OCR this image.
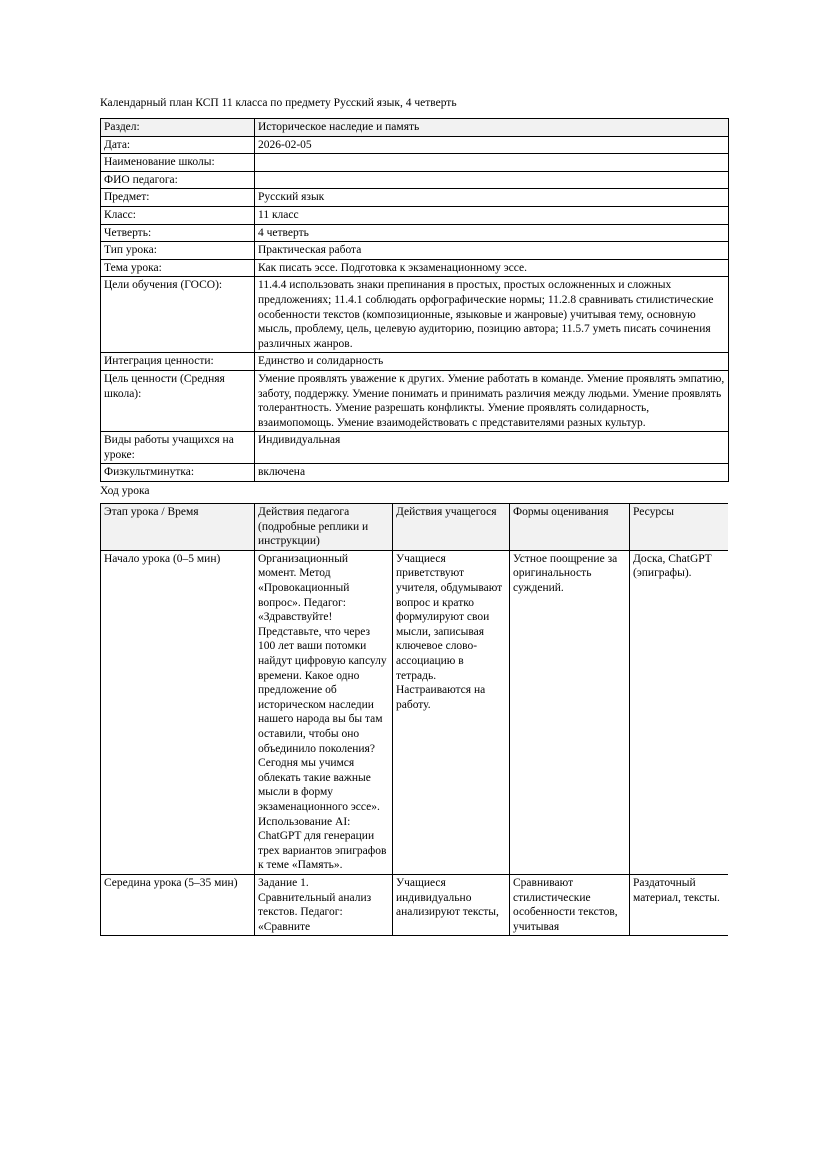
Календарный план КСП 11 класса по предмету Русский язык, 4 четверть

Раздел:	Историческое наследие и память
Дата:	2026-02-05
Наименование школы:	
ФИО педагога:	
Предмет:	Русский язык
Класс:	11 класс
Четверть:	4 четверть
Тип урока:	Практическая работа
Тема урока:	Как писать эссе. Подготовка к экзаменационному эссе.
Цели обучения (ГОСО):	11.4.4 использовать знаки препинания в простых, простых осложненных и сложных предложениях; 11.4.1 соблюдать орфографические нормы; 11.2.8 сравнивать стилистические особенности текстов (композиционные, языковые и жанровые) учитывая тему, основную мысль, проблему, цель, целевую аудиторию, позицию автора; 11.5.7 уметь писать сочинения различных жанров.
Интеграция ценности:	Единство и солидарность
Цель ценности (Средняя школа):	Умение проявлять уважение к других. Умение работать в команде. Умение проявлять эмпатию, заботу, поддержку. Умение понимать и принимать различия между людьми. Умение проявлять толерантность. Умение разрешать конфликты. Умение проявлять солидарность, взаимопомощь. Умение взаимодействовать с представителями разных культур.
Виды работы учащихся на уроке:	Индивидуальная
Физкультминутка:	включена

Ход урока

Этап урока / Время	Действия педагога (подробные реплики и инструкции)	Действия учащегося	Формы оценивания	Ресурсы
Начало урока (0–5 мин)	Организационный момент. Метод «Провокационный вопрос». Педагог: «Здравствуйте! Представьте, что через 100 лет ваши потомки найдут цифровую капсулу времени. Какое одно предложение об историческом наследии нашего народа вы бы там оставили, чтобы оно объединило поколения? Сегодня мы учимся облекать такие важные мысли в форму экзаменационного эссе». Использование AI: ChatGPT для генерации трех вариантов эпиграфов к теме «Память».	Учащиеся приветствуют учителя, обдумывают вопрос и кратко формулируют свои мысли, записывая ключевое слово-ассоциацию в тетрадь. Настраиваются на работу.	Устное поощрение за оригинальность суждений.	Доска, ChatGPT (эпиграфы).
Середина урока (5–35 мин)	Задание 1. Сравнительный анализ текстов. Педагог: «Сравните	Учащиеся индивидуально анализируют тексты,	Сравнивают стилистические особенности текстов, учитывая	Раздаточный материал, тексты.
